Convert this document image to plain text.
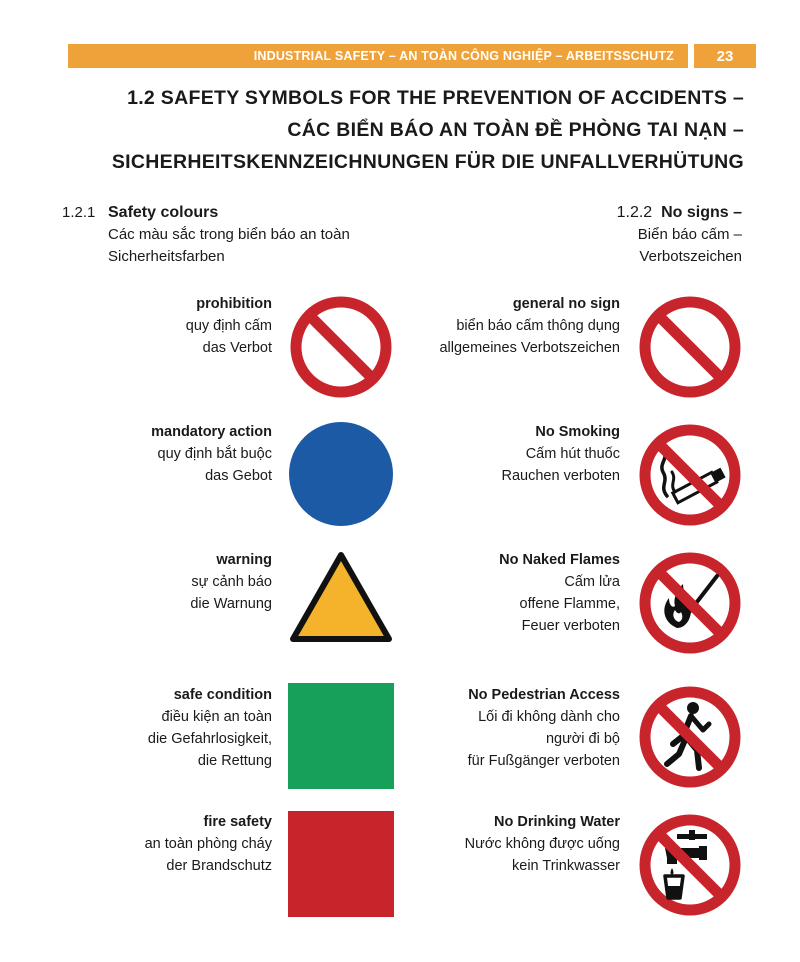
INDUSTRIAL SAFETY – AN TOÀN CÔNG NGHIỆP – ARBEITSSCHUTZ	23
1.2 SAFETY SYMBOLS FOR THE PREVENTION OF ACCIDENTS –
CÁC BIỂN BÁO AN TOÀN ĐỀ PHÒNG TAI NẠN –
SICHERHEITSKENNZEICHNUNGEN FÜR DIE UNFALLVERHÜTUNG
1.2.1 Safety colours
Các màu sắc trong biển báo an toàn
Sicherheitsfarben
1.2.2 No signs –
Biển báo cấm –
Verbotszeichen
prohibition
quy định cấm
das Verbot
mandatory action
quy định bắt buộc
das Gebot
warning
sự cảnh báo
die Warnung
safe condition
điều kiện an toàn
die Gefahrlosigkeit,
die Rettung
fire safety
an toàn phòng cháy
der Brandschutz
general no sign
biển báo cấm thông dụng
allgemeines Verbotszeichen
No Smoking
Cấm hút thuốc
Rauchen verboten
No Naked Flames
Cấm lửa
offene Flamme,
Feuer verboten
No Pedestrian Access
Lối đi không dành cho
người đi bộ
für Fußgänger verboten
No Drinking Water
Nước không được uống
kein Trinkwasser
